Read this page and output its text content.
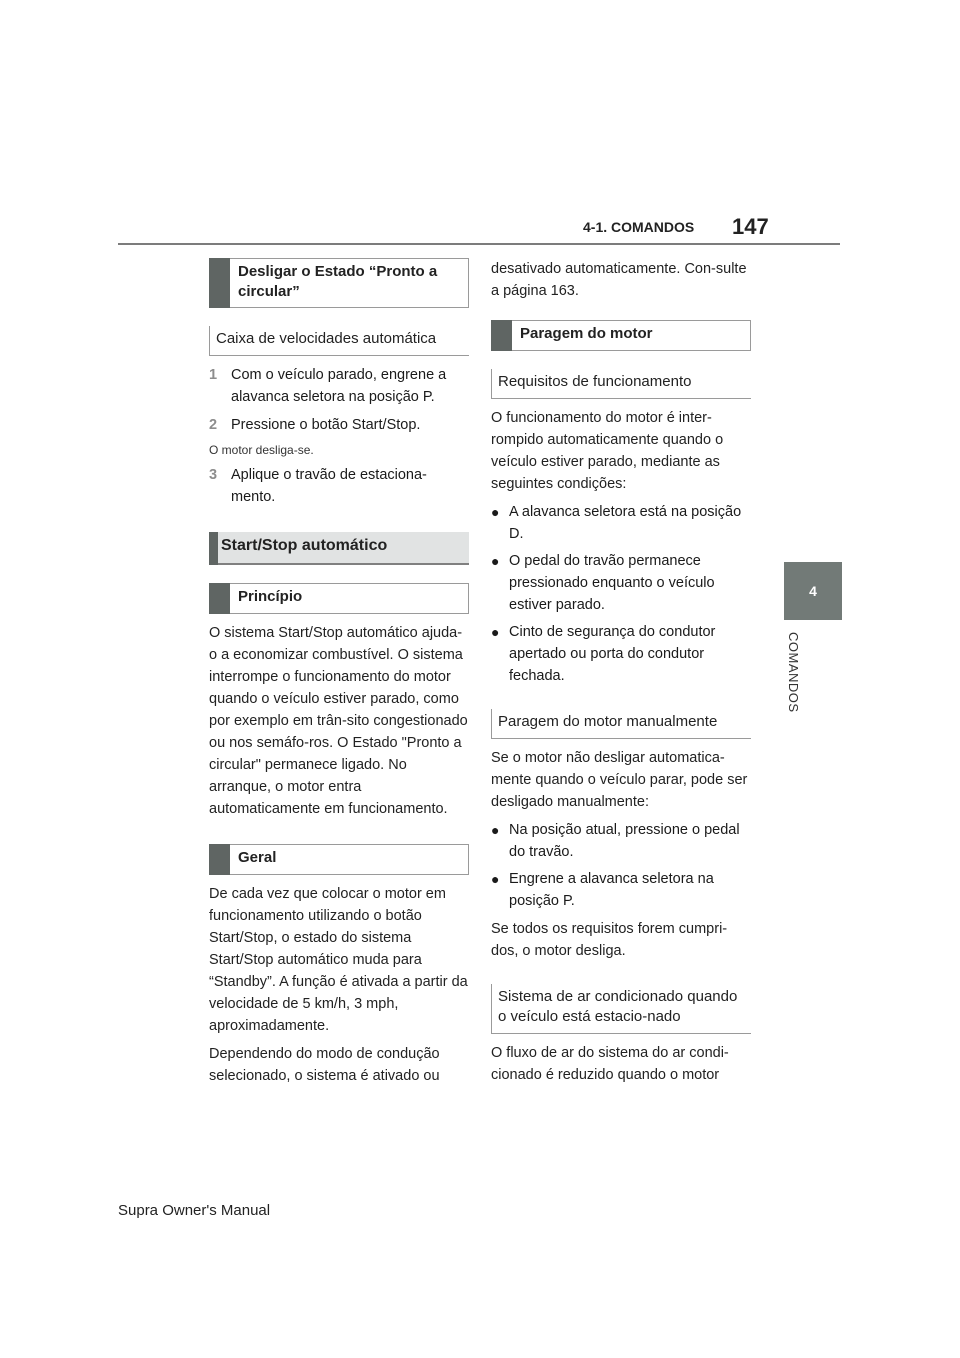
4-1. COMANDOS 147
4
COMANDOS
Desligar o Estado “Pronto a circular”
Caixa de velocidades automática
1 Com o veículo parado, engrene a alavanca seletora na posição P.
2 Pressione o botão Start/Stop.

O motor desliga-se.

3 Aplique o travão de estaciona-mento.
Start/Stop automático
Princípio

O sistema Start/Stop automático ajuda-o a economizar combustível. O sistema interrompe o funcionamento do motor quando o veículo estiver parado, como por exemplo em trân-sito congestionado ou nos semáfo-ros. O Estado "Pronto a circular" permanece ligado. No arranque, o motor entra automaticamente em funcionamento.

Geral

De cada vez que colocar o motor em funcionamento utilizando o botão Start/Stop, o estado do sistema Start/Stop automático muda para “Standby”. A função é ativada a partir da velocidade de 5 km/h, 3 mph, aproximadamente.

Dependendo do modo de condução selecionado, o sistema é ativado ou

desativado automaticamente. Con-sulte a página 163.

Paragem do motor
Requisitos de funcionamento

O funcionamento do motor é inter-rompido automaticamente quando o veículo estiver parado, mediante as seguintes condições:

● A alavanca seletora está na posição D.
● O pedal do travão permanece pressionado enquanto o veículo estiver parado.
● Cinto de segurança do condutor apertado ou porta do condutor fechada.
Paragem do motor manualmente

Se o motor não desligar automatica-mente quando o veículo parar, pode ser desligado manualmente:

● Na posição atual, pressione o pedal do travão.
● Engrene a alavanca seletora na posição P.

Se todos os requisitos forem cumpri-dos, o motor desliga.

Sistema de ar condicionado quando o veículo está estacio-nado

O fluxo de ar do sistema do ar condi-cionado é reduzido quando o motor

Supra Owner's Manual
